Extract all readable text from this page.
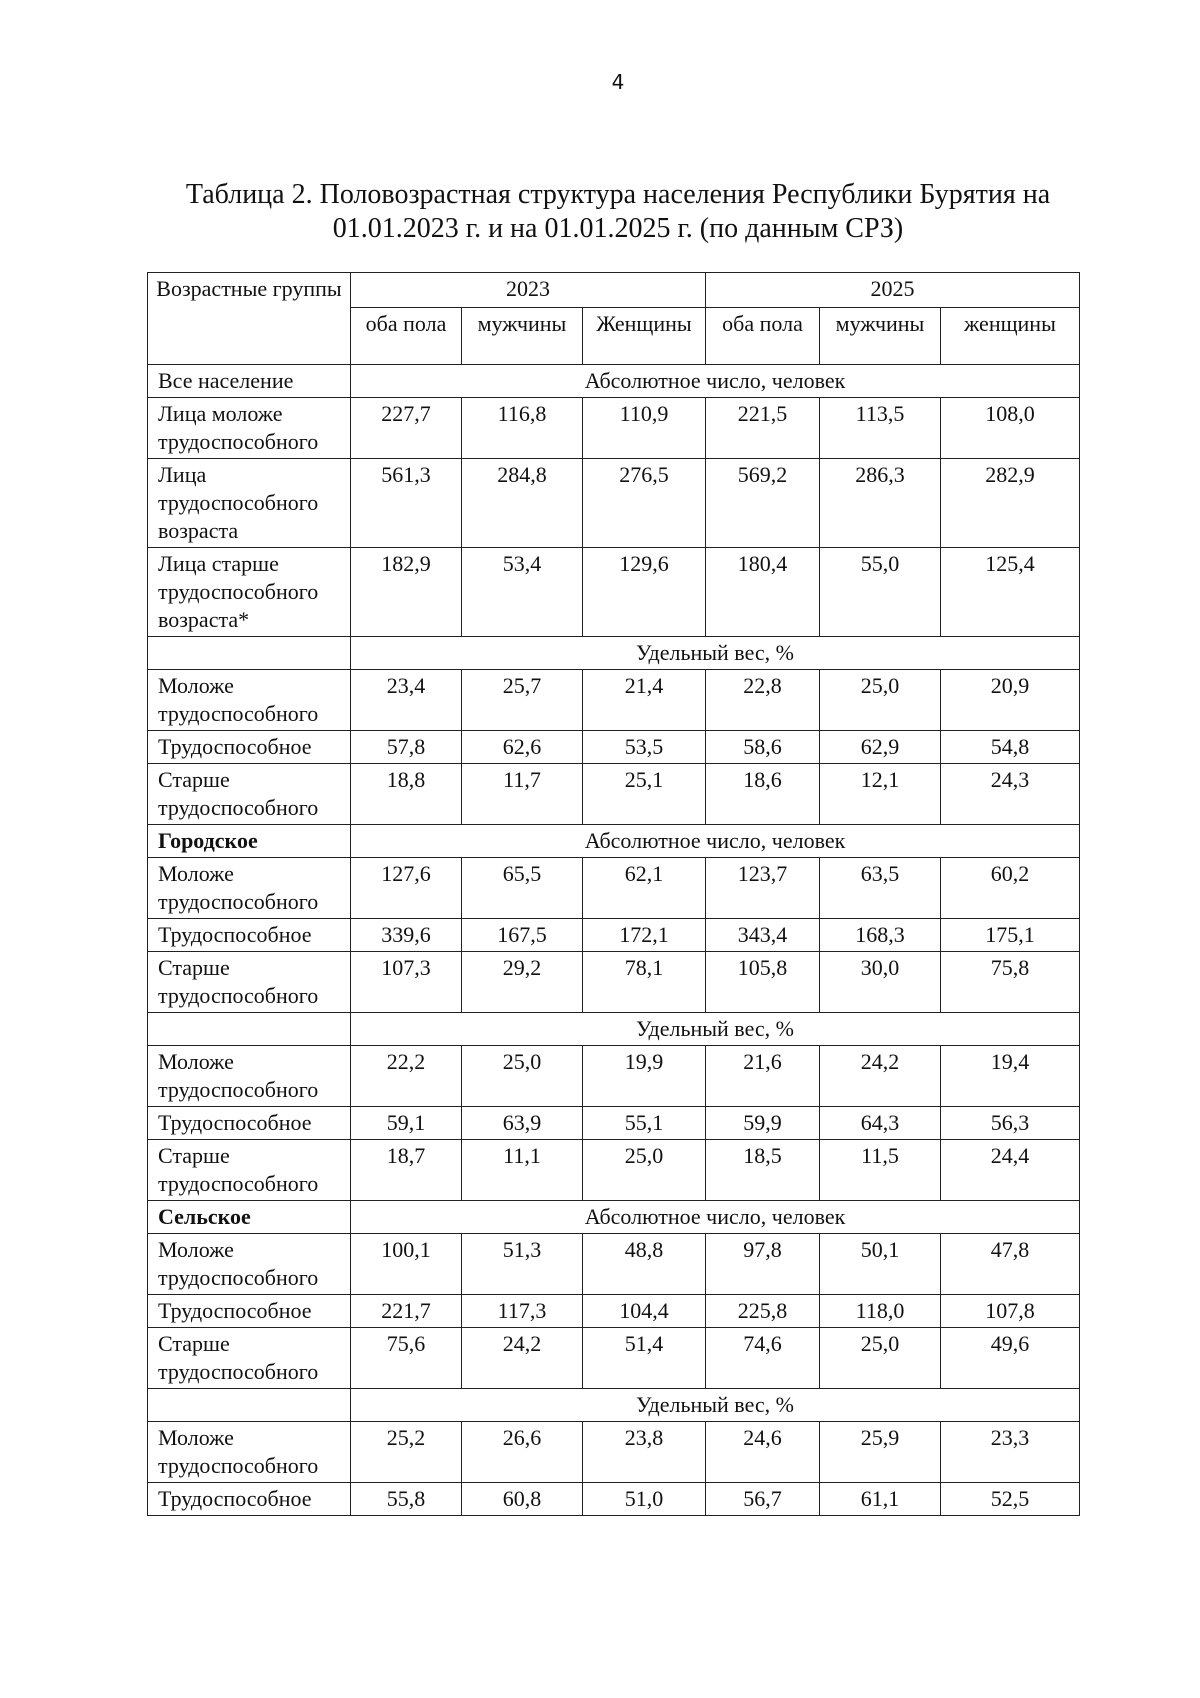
4
Таблица 2. Половозрастная структура населения Республики Бурятия на 01.01.2023 г. и на 01.01.2025 г. (по данным СРЗ)
Возрастные группы	2023			2025		
	оба пола	мужчины	Женщины	оба пола	мужчины	женщины
Все население	Абсолютное число, человек					
Лица моложе трудоспособного	227,7	116,8	110,9	221,5	113,5	108,0
Лица трудоспособного возраста	561,3	284,8	276,5	569,2	286,3	282,9
Лица старше трудоспособного возраста*	182,9	53,4	129,6	180,4	55,0	125,4
	Удельный вес, %					
Моложе трудоспособного	23,4	25,7	21,4	22,8	25,0	20,9
Трудоспособное	57,8	62,6	53,5	58,6	62,9	54,8
Старше трудоспособного	18,8	11,7	25,1	18,6	12,1	24,3
Городское	Абсолютное число, человек					
Моложе трудоспособного	127,6	65,5	62,1	123,7	63,5	60,2
Трудоспособное	339,6	167,5	172,1	343,4	168,3	175,1
Старше трудоспособного	107,3	29,2	78,1	105,8	30,0	75,8
	Удельный вес, %					
Моложе трудоспособного	22,2	25,0	19,9	21,6	24,2	19,4
Трудоспособное	59,1	63,9	55,1	59,9	64,3	56,3
Старше трудоспособного	18,7	11,1	25,0	18,5	11,5	24,4
Сельское	Абсолютное число, человек					
Моложе трудоспособного	100,1	51,3	48,8	97,8	50,1	47,8
Трудоспособное	221,7	117,3	104,4	225,8	118,0	107,8
Старше трудоспособного	75,6	24,2	51,4	74,6	25,0	49,6
	Удельный вес, %					
Моложе трудоспособного	25,2	26,6	23,8	24,6	25,9	23,3
Трудоспособное	55,8	60,8	51,0	56,7	61,1	52,5
